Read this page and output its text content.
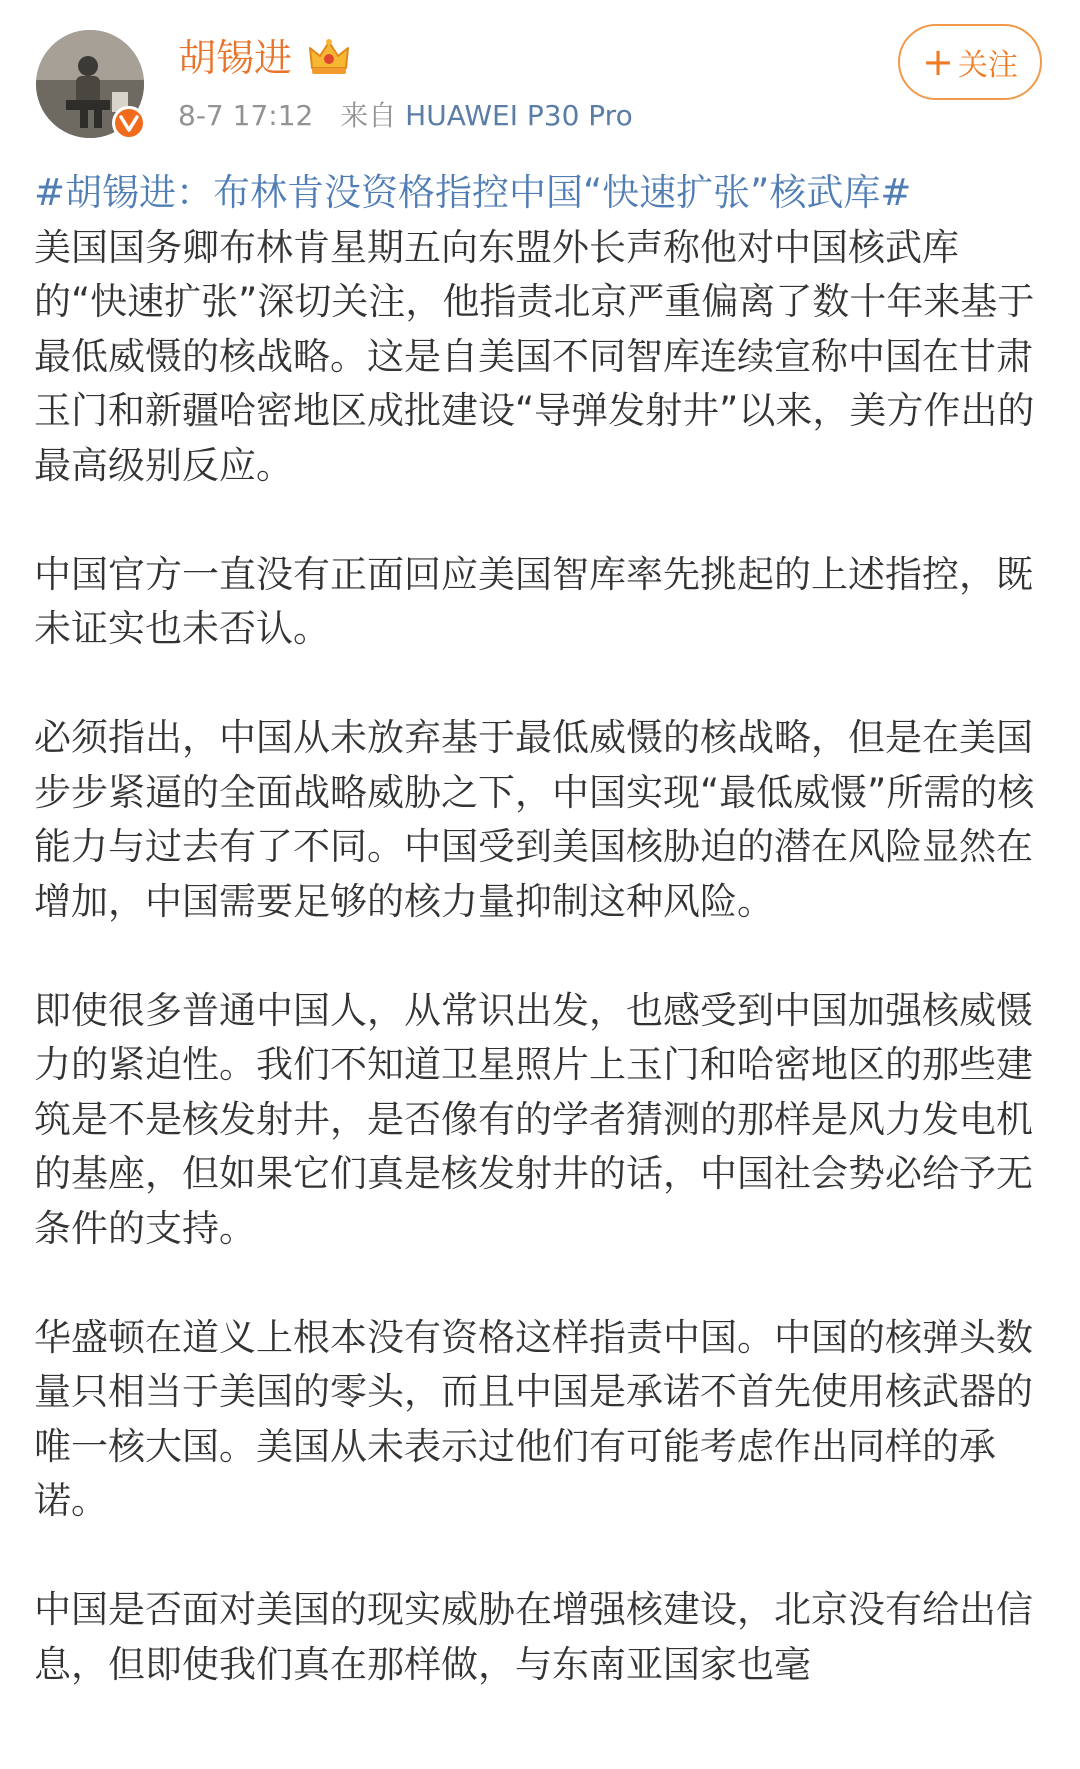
胡锡进
8-7 17:12 来自 HUAWEI P30 Pro
+ 关注

#胡锡进：布林肯没资格指控中国“快速扩张”核武库#
美国国务卿布林肯星期五向东盟外长声称他对中国核武库的“快速扩张”深切关注，他指责北京严重偏离了数十年来基于最低威慑的核战略。这是自美国不同智库连续宣称中国在甘肃玉门和新疆哈密地区成批建设“导弹发射井”以来，美方作出的最高级别反应。

中国官方一直没有正面回应美国智库率先挑起的上述指控，既未证实也未否认。

必须指出，中国从未放弃基于最低威慑的核战略，但是在美国步步紧逼的全面战略威胁之下，中国实现“最低威慑”所需的核能力与过去有了不同。中国受到美国核胁迫的潜在风险显然在增加，中国需要足够的核力量抑制这种风险。

即使很多普通中国人，从常识出发，也感受到中国加强核威慑力的紧迫性。我们不知道卫星照片上玉门和哈密地区的那些建筑是不是核发射井，是否像有的学者猜测的那样是风力发电机的基座，但如果它们真是核发射井的话，中国社会势必给予无条件的支持。

华盛顿在道义上根本没有资格这样指责中国。中国的核弹头数量只相当于美国的零头，而且中国是承诺不首先使用核武器的唯一核大国。美国从未表示过他们有可能考虑作出同样的承诺。

中国是否面对美国的现实威胁在增强核建设，北京没有给出信息，但即使我们真在那样做，与东南亚国家也毫
